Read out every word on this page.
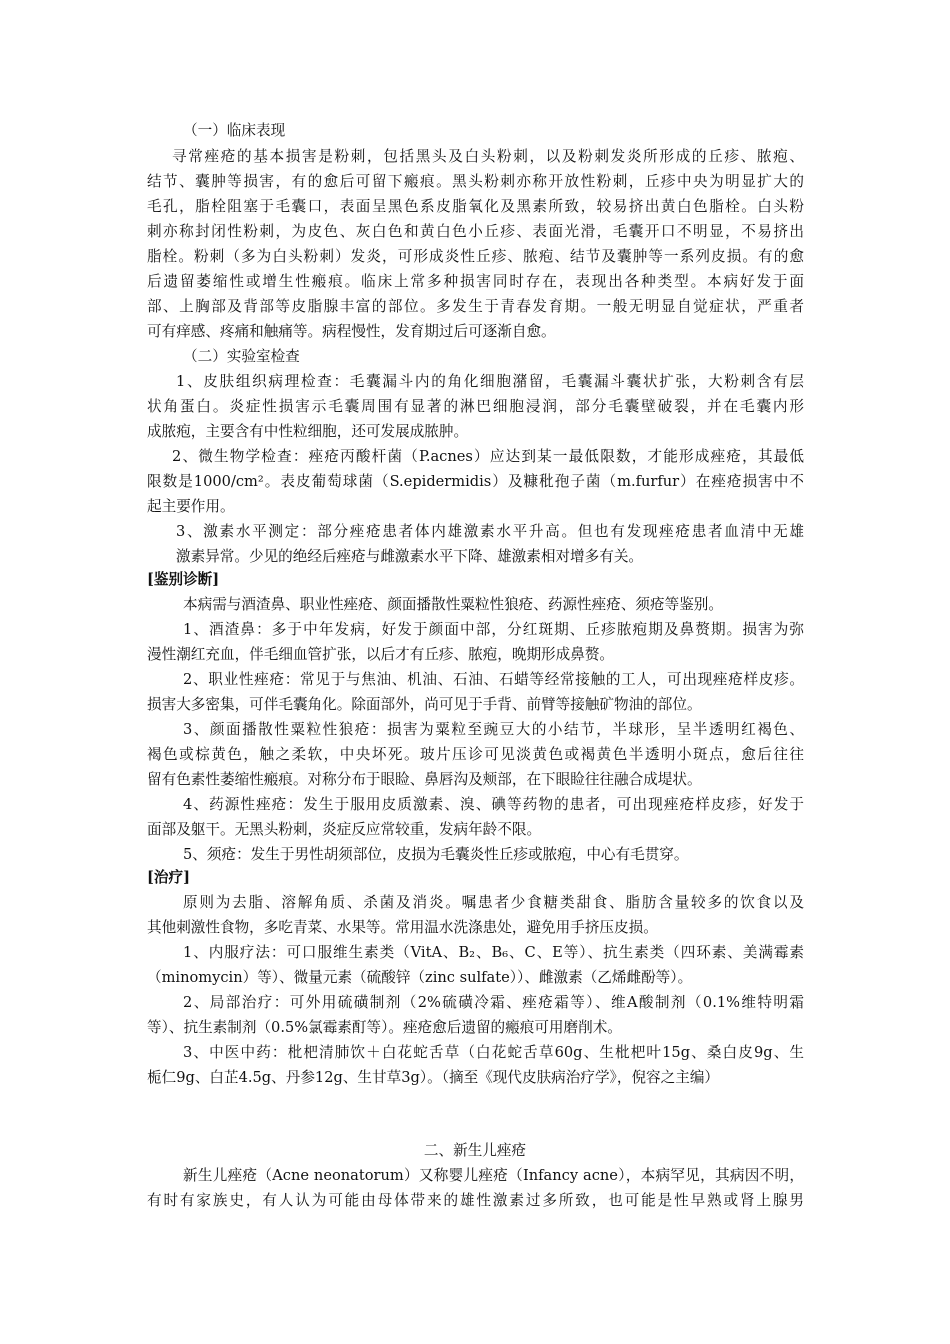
（一）临床表现
寻常痤疮的基本损害是粉刺，包括黑头及白头粉刺，以及粉刺发炎所形成的丘疹、脓疱、
结节、囊肿等损害，有的愈后可留下瘢痕。黑头粉刺亦称开放性粉刺，丘疹中央为明显扩大的
毛孔，脂栓阻塞于毛囊口，表面呈黑色系皮脂氧化及黑素所致，较易挤出黄白色脂栓。白头粉
刺亦称封闭性粉刺，为皮色、灰白色和黄白色小丘疹、表面光滑，毛囊开口不明显，不易挤出
脂栓。粉刺（多为白头粉刺）发炎，可形成炎性丘疹、脓疱、结节及囊肿等一系列皮损。有的愈
后遗留萎缩性或增生性瘢痕。临床上常多种损害同时存在，表现出各种类型。本病好发于面
部、上胸部及背部等皮脂腺丰富的部位。多发生于青春发育期。一般无明显自觉症状，严重者
可有痒感、疼痛和触痛等。病程慢性，发育期过后可逐渐自愈。
（二）实验室检查
1、皮肤组织病理检查：毛囊漏斗内的角化细胞潴留，毛囊漏斗囊状扩张，大粉刺含有层
状角蛋白。炎症性损害示毛囊周围有显著的淋巴细胞浸润，部分毛囊壁破裂，并在毛囊内形
成脓疱，主要含有中性粒细胞，还可发展成脓肿。
2、微生物学检查：痤疮丙酸杆菌（P.acnes）应达到某一最低限数，才能形成痤疮，其最低
限数是1000/cm²。表皮葡萄球菌（S.epidermidis）及糠秕孢子菌（m.furfur）在痤疮损害中不
起主要作用。
3、激素水平测定：部分痤疮患者体内雄激素水平升高。但也有发现痤疮患者血清中无雄
激素异常。少见的绝经后痤疮与雌激素水平下降、雄激素相对增多有关。
[鉴别诊断]
本病需与酒渣鼻、职业性痤疮、颜面播散性粟粒性狼疮、药源性痤疮、须疮等鉴别。
1、酒渣鼻：多于中年发病，好发于颜面中部，分红斑期、丘疹脓疱期及鼻赘期。损害为弥
漫性潮红充血，伴毛细血管扩张，以后才有丘疹、脓疱，晚期形成鼻赘。
2、职业性痤疮：常见于与焦油、机油、石油、石蜡等经常接触的工人，可出现痤疮样皮疹。
损害大多密集，可伴毛囊角化。除面部外，尚可见于手背、前臂等接触矿物油的部位。
3、颜面播散性粟粒性狼疮：损害为粟粒至豌豆大的小结节，半球形，呈半透明红褐色、
褐色或棕黄色，触之柔软，中央坏死。玻片压诊可见淡黄色或褐黄色半透明小斑点，愈后往往
留有色素性萎缩性瘢痕。对称分布于眼睑、鼻唇沟及颊部，在下眼睑往往融合成堤状。
4、药源性痤疮：发生于服用皮质激素、溴、碘等药物的患者，可出现痤疮样皮疹，好发于
面部及躯干。无黑头粉刺，炎症反应常较重，发病年龄不限。
5、须疮：发生于男性胡须部位，皮损为毛囊炎性丘疹或脓疱，中心有毛贯穿。
[治疗]
原则为去脂、溶解角质、杀菌及消炎。嘱患者少食糖类甜食、脂肪含量较多的饮食以及
其他刺激性食物，多吃青菜、水果等。常用温水洗涤患处，避免用手挤压皮损。
1、内服疗法：可口服维生素类（VitA、B₂、B₆、C、E等）、抗生素类（四环素、美满霉素
（minomycin）等）、微量元素（硫酸锌（zinc sulfate））、雌激素（乙烯雌酚等）。
2、局部治疗：可外用硫磺制剂（2%硫磺冷霜、痤疮霜等）、维A酸制剂（0.1%维特明霜
等）、抗生素制剂（0.5%氯霉素酊等）。痤疮愈后遗留的瘢痕可用磨削术。
3、中医中药：枇杷清肺饮＋白花蛇舌草（白花蛇舌草60g、生枇杷叶15g、桑白皮9g、生
栀仁9g、白芷4.5g、丹参12g、生甘草3g）。（摘至《现代皮肤病治疗学》，倪容之主编）
二、新生儿痤疮
新生儿痤疮（Acne neonatorum）又称婴儿痤疮（Infancy acne），本病罕见，其病因不明，
有时有家族史，有人认为可能由母体带来的雄性激素过多所致，也可能是性早熟或肾上腺男
